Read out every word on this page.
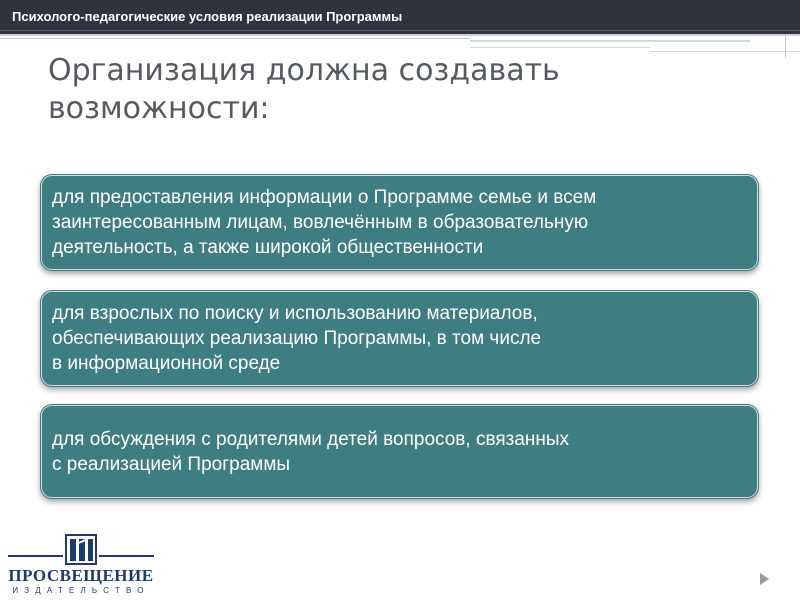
Психолого-педагогические условия реализации Программы	55
Организация должна создавать
возможности:
для предоставления информации о Программе семье и всем
заинтересованным лицам, вовлечённым в образовательную
деятельность, а также широкой общественности
для взрослых по поиску и использованию материалов,
обеспечивающих реализацию Программы, в том числе
в информационной среде
для обсуждения с родителями детей вопросов, связанных
с реализацией Программы
ПРОСВЕЩЕНИЕ
ИЗДАТЕЛЬСТВО
